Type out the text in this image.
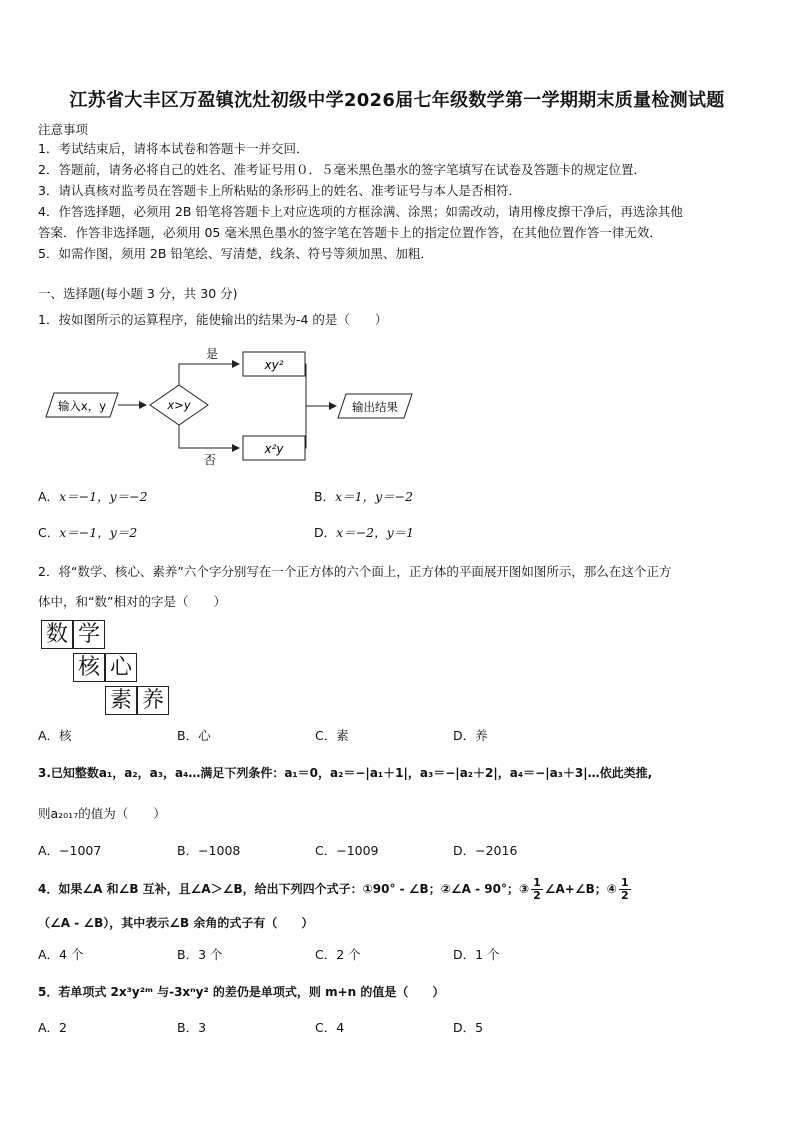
江苏省大丰区万盈镇沈灶初级中学2026届七年级数学第一学期期末质量检测试题
注意事项
1．考试结束后，请将本试卷和答题卡一并交回．
2．答题前，请务必将自己的姓名、准考证号用０．５毫米黑色墨水的签字笔填写在试卷及答题卡的规定位置．
3．请认真核对监考员在答题卡上所粘贴的条形码上的姓名、准考证号与本人是否相符．
4．作答选择题，必须用 2B 铅笔将答题卡上对应选项的方框涂满、涂黑；如需改动，请用橡皮擦干净后，再选涂其他
答案．作答非选择题，必须用 05 毫米黑色墨水的签字笔在答题卡上的指定位置作答，在其他位置作答一律无效．
5．如需作图，须用 2B 铅笔绘、写清楚，线条、符号等须加黑、加粗．
一、选择题(每小题 3 分，共 30 分)
1．按如图所示的运算程序，能使输出的结果为-4 的是（　　）
输入x，y	x>y
是
否
xy²
x²y
输出结果
A．x＝−1，y＝−2	B．x＝1，y＝−2
C．x＝−1，y＝2	D．x＝−2，y＝1
2．将“数学、核心、素养”六个字分别写在一个正方体的六个面上，正方体的平面展开图如图所示，那么在这个正方
体中，和“数”相对的字是（　　）
数 学
核 心
素 养
A．核	B．心	C．素	D．养
3.已知整数a₁，a₂，a₃，a₄…满足下列条件：a₁＝0，a₂＝−|a₁＋1|，a₃＝−|a₂＋2|，a₄＝−|a₃＋3|…依此类推,
则a₂₀₁₇的值为（　　）
A．−1007	B．−1008	C．−1009	D．−2016
4．如果∠A 和∠B 互补，且∠A＞∠B，给出下列四个式子：①90° - ∠B；②∠A - 90°；③ $\frac{1}{2}$ ∠A+∠B；④ $\frac{1}{2}$
（∠A - ∠B），其中表示∠B 余角的式子有（　　）
A．4 个	B．3 个	C．2 个	D．1 个
5．若单项式 2x³y²ᵐ 与-3xⁿy² 的差仍是单项式，则 m+n 的值是（　　）
A．2	B．3	C．4	D．5
